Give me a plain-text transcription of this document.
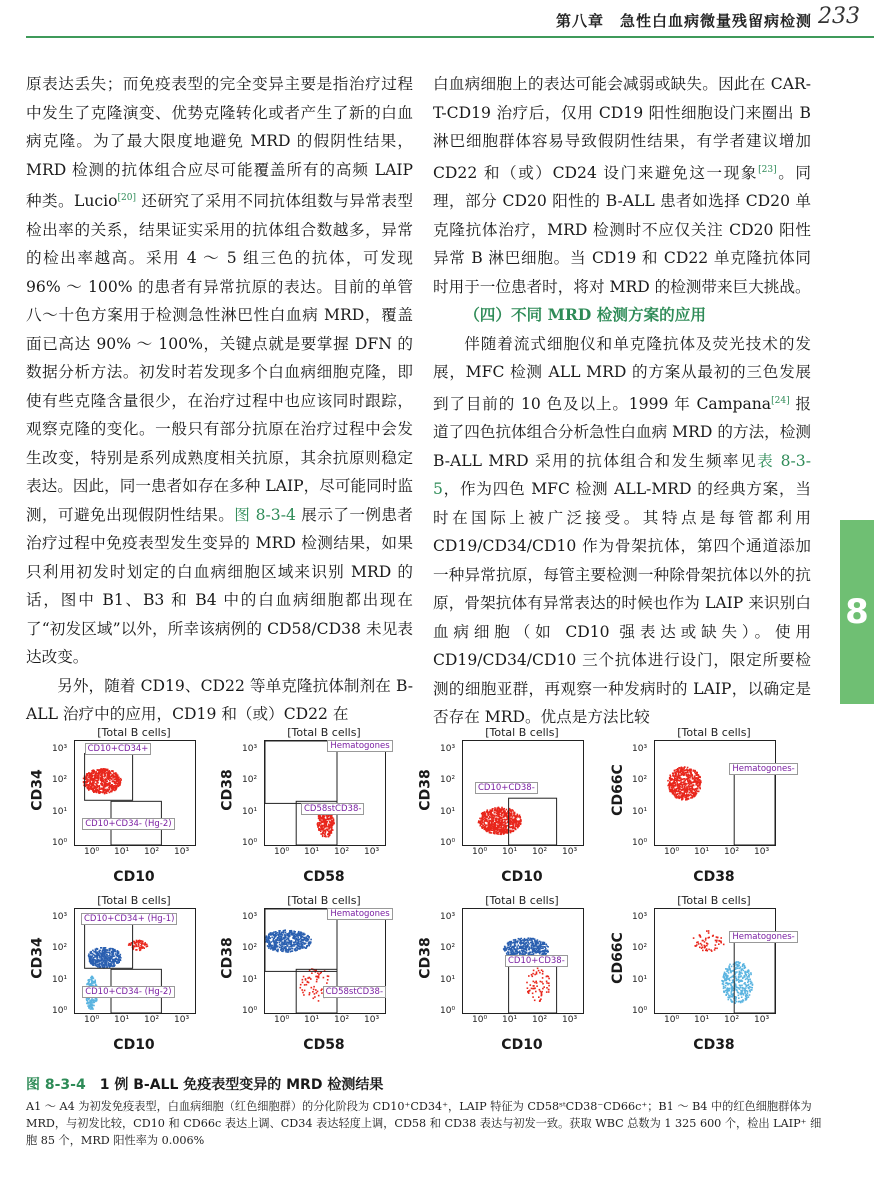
第八章　急性白血病微量残留病检测 233

原表达丢失；而免疫表型的完全变异主要是指治疗过程中发生了克隆演变、优势克隆转化或者产生了新的白血病克隆。为了最大限度地避免 MRD 的假阴性结果，MRD 检测的抗体组合应尽可能覆盖所有的高频 LAIP 种类。Lucio[20] 还研究了采用不同抗体组数与异常表型检出率的关系，结果证实采用的抗体组合数越多，异常的检出率越高。采用 4 ～ 5 组三色的抗体，可发现 96% ～ 100% 的患者有异常抗原的表达。目前的单管八～十色方案用于检测急性淋巴性白血病 MRD，覆盖面已高达 90% ～ 100%，关键点就是要掌握 DFN 的数据分析方法。初发时若发现多个白血病细胞克隆，即使有些克隆含量很少，在治疗过程中也应该同时跟踪，观察克隆的变化。一般只有部分抗原在治疗过程中会发生改变，特别是系列成熟度相关抗原，其余抗原则稳定表达。因此，同一患者如存在多种 LAIP，尽可能同时监测，可避免出现假阴性结果。图 8-3-4 展示了一例患者治疗过程中免疫表型发生变异的 MRD 检测结果，如果只利用初发时划定的白血病细胞区域来识别 MRD 的话，图中 B1、B3 和 B4 中的白血病细胞都出现在了“初发区域”以外，所幸该病例的 CD58/CD38 未见表达改变。

另外，随着 CD19、CD22 等单克隆抗体制剂在 B-ALL 治疗中的应用，CD19 和（或）CD22 在

白血病细胞上的表达可能会减弱或缺失。因此在 CAR-T-CD19 治疗后，仅用 CD19 阳性细胞设门来圈出 B 淋巴细胞群体容易导致假阴性结果，有学者建议增加 CD22 和（或）CD24 设门来避免这一现象[23]。同理，部分 CD20 阳性的 B-ALL 患者如选择 CD20 单克隆抗体治疗，MRD 检测时不应仅关注 CD20 阳性异常 B 淋巴细胞。当 CD19 和 CD22 单克隆抗体同时用于一位患者时，将对 MRD 的检测带来巨大挑战。

（四）不同 MRD 检测方案的应用

伴随着流式细胞仪和单克隆抗体及荧光技术的发展，MFC 检测 ALL MRD 的方案从最初的三色发展到了目前的 10 色及以上。1999 年 Campana[24] 报道了四色抗体组合分析急性白血病 MRD 的方法，检测 B-ALL MRD 采用的抗体组合和发生频率见表 8-3-5，作为四色 MFC 检测 ALL-MRD 的经典方案，当时在国际上被广泛接受。其特点是每管都利用 CD19/CD34/CD10 作为骨架抗体，第四个通道添加一种异常抗原，每管主要检测一种除骨架抗体以外的抗原，骨架抗体有异常表达的时候也作为 LAIP 来识别白血病细胞（如 CD10 强表达或缺失）。使用 CD19/CD34/CD10 三个抗体进行设门，限定所要检测的细胞亚群，再观察一种发病时的 LAIP，以确定是否存在 MRD。优点是方法比较

8
[Total B cells]
CD34
CD10
10⁰
10¹
10²
10³
10⁰ 10¹ 10² 10³
CD10+CD34+
CD10+CD34- (Hg-2)
[Total B cells]
CD38
CD58
10⁰
10¹
10²
10³
10⁰ 10¹ 10² 10³
Hematogones
CD58stCD38-
[Total B cells]
CD38
CD10
10⁰
10¹
10²
10³
10⁰ 10¹ 10² 10³
CD10+CD38-
[Total B cells]
CD66C
CD38
10⁰
10¹
10²
10³
10⁰ 10¹ 10² 10³
Hematogones-
[Total B cells]
CD34
CD10
10⁰
10¹
10²
10³
10⁰ 10¹ 10² 10³
CD10+CD34+ (Hg-1)
CD10+CD34- (Hg-2)
[Total B cells]
CD38
CD58
10⁰
10¹
10²
10³
10⁰ 10¹ 10² 10³
Hematogones
CD58stCD38-
[Total B cells]
CD38
CD10
10⁰
10¹
10²
10³
10⁰ 10¹ 10² 10³
CD10+CD38-
[Total B cells]
CD66C
CD38
10⁰
10¹
10²
10³
10⁰ 10¹ 10² 10³
Hematogones-
图 8-3-4　 1 例 B-ALL 免疫表型变异的 MRD 检测结果
A1 ～ A4 为初发免疫表型，白血病细胞（红色细胞群）的分化阶段为 CD10⁺CD34⁺，LAIP 特征为 CD58ˢᵗCD38⁻CD66c⁺；B1 ～ B4 中的红色细胞群体为 MRD，与初发比较，CD10 和 CD66c 表达上调、CD34 表达轻度上调，CD58 和 CD38 表达与初发一致。获取 WBC 总数为 1 325 600 个，检出 LAIP⁺ 细胞 85 个，MRD 阳性率为 0.006%
